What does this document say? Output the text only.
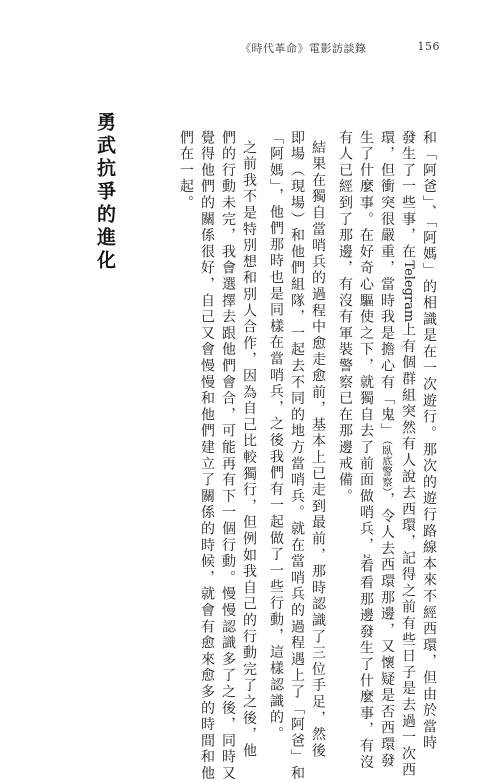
《時代革命》電影訪談錄	156
和「阿爸」、「阿媽」的相識是在一次遊行。那次的遊行路線本來不經西環，但由於當時
發生了一些事，在Telegram上有個群組突然有人說去西環，記得之前有些日子是去過一次西
環，但衝突很嚴重，當時我是擔心有「鬼」（臥底警察），令人去西環那邊，又懷疑是否西環發
生了什麼事。在好奇心驅使之下，就獨自去了前面做哨兵，2看看那邊發生了什麼事，有沒
有人已經到了那邊，有沒有軍裝警察已在那邊戒備。
結果在獨自當哨兵的過程中愈走愈前，基本上已走到最前，那時認識了三位手足，然後
即場（現場）和他們組隊，一起去不同的地方當哨兵。就在當哨兵的過程遇上了「阿爸」和
「阿媽」，他們那時也是同樣在當哨兵，之後我們有一起做了一些行動，這樣認識的。
之前我不是特別想和別人合作，因為自己比較獨行，但例如我自己的行動完了之後，他
們的行動未完，我會選擇去跟他們會合，可能再有下一個行動。慢慢認識多了之後，同時又
覺得他們的關係很好，自己又會慢慢和他們建立了關係的時候，就會有愈來愈多的時間和他
們在一起。
勇武抗爭的進化
